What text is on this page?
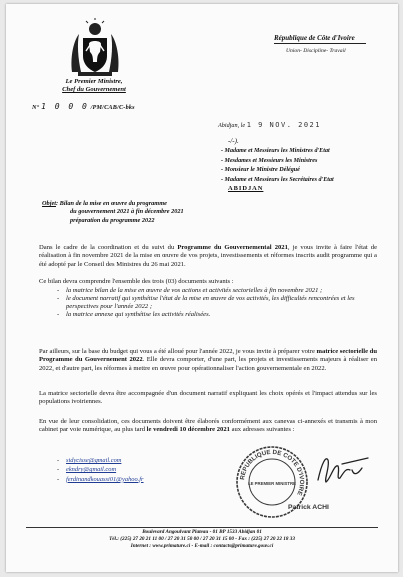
Le Premier Ministre,
Chef du Gouvernement
N° 1 0 0 0 /PM/CAB/C-bks
République de Côte d'Ivoire
Union- Discipline- Travail
Abidjan, le 1 9 NOV. 2021
-/-).
- Madame et Messieurs les Ministres d'Etat
- Mesdames et Messieurs les Ministres
- Monsieur le Ministre Délégué
- Madame et Messieurs les Secrétaires d'Etat
ABIDJAN
Objet: Bilan de la mise en œuvre du programme
du gouvernement 2021 à fin décembre 2021
préparation du programme 2022
Dans le cadre de la coordination et du suivi du Programme du Gouvernemental 2021, je vous invite à faire l'état de réalisation à fin novembre 2021 de la mise en œuvre de vos projets, investissements et réformes inscrits audit programme qui a été adopté par le Conseil des Ministres du 26 mai 2021.
Ce bilan devra comprendre l'ensemble des trois (03) documents suivants :
- la matrice bilan de la mise en œuvre de vos actions et activités sectorielles à fin novembre 2021 ;
- le document narratif qui synthétise l'état de la mise en œuvre de vos activités, les difficultés rencontrées et les perspectives pour l'année 2022 ;
- la matrice annexe qui synthétise les activités réalisées.
Par ailleurs, sur la base du budget qui vous a été alloué pour l'année 2022, je vous invite à préparer votre matrice sectorielle du Programme du Gouvernement 2022. Elle devra comporter, d'une part, les projets et investissements majeurs à réaliser en 2022, et d'autre part, les réformes à mettre en œuvre pour opérationnaliser l'action gouvernementale en 2022.
La matrice sectorielle devra être accompagnée d'un document narratif expliquant les choix opérés et l'impact attendus sur les populations ivoiriennes.
En vue de leur consolidation, ces documents doivent être élaborés conformément aux canevas ci-annexés et transmis à mon cabinet par voie numérique, au plus tard le vendredi 10 décembre 2021 aux adresses suivantes :
- sidycisse@gmail.com
- ekndry@gmail.com
- ferdinandkouassi01@yahoo.fr	REPUBLIQUE DE COTE D'IVOIRE
LE PREMIER MINISTRE
Patrick ACHI
Boulevard Angoulvant Plateau - 01 BP 1533 Abidjan 01
Tél.: (225) 27 20 21 11 00 / 27 20 31 50 00 / 27 20 31 15 00 - Fax : (225) 27 20 22 18 33
Internet : www.primature.ci - E-mail : contacts@primature.gouv.ci
